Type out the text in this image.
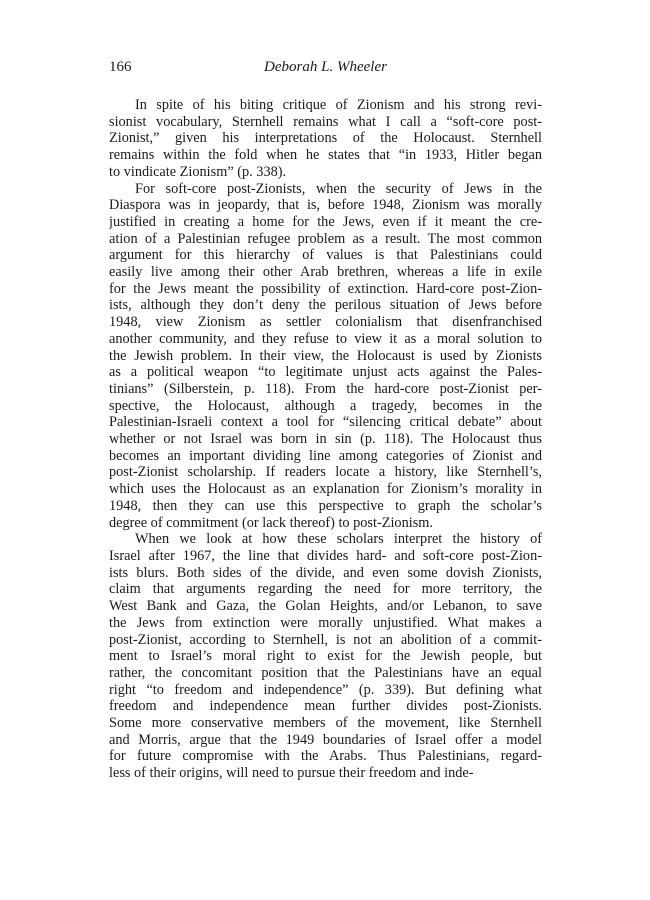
166	Deborah L. Wheeler
In spite of his biting critique of Zionism and his strong revi-
sionist vocabulary, Sternhell remains what I call a “soft-core post-
Zionist,” given his interpretations of the Holocaust. Sternhell
remains within the fold when he states that “in 1933, Hitler began
to vindicate Zionism” (p. 338).
For soft-core post-Zionists, when the security of Jews in the
Diaspora was in jeopardy, that is, before 1948, Zionism was morally
justified in creating a home for the Jews, even if it meant the cre-
ation of a Palestinian refugee problem as a result. The most common
argument for this hierarchy of values is that Palestinians could
easily live among their other Arab brethren, whereas a life in exile
for the Jews meant the possibility of extinction. Hard-core post-Zion-
ists, although they don’t deny the perilous situation of Jews before
1948, view Zionism as settler colonialism that disenfranchised
another community, and they refuse to view it as a moral solution to
the Jewish problem. In their view, the Holocaust is used by Zionists
as a political weapon “to legitimate unjust acts against the Pales-
tinians” (Silberstein, p. 118). From the hard-core post-Zionist per-
spective, the Holocaust, although a tragedy, becomes in the
Palestinian-Israeli context a tool for “silencing critical debate” about
whether or not Israel was born in sin (p. 118). The Holocaust thus
becomes an important dividing line among categories of Zionist and
post-Zionist scholarship. If readers locate a history, like Sternhell’s,
which uses the Holocaust as an explanation for Zionism’s morality in
1948, then they can use this perspective to graph the scholar’s
degree of commitment (or lack thereof) to post-Zionism.
When we look at how these scholars interpret the history of
Israel after 1967, the line that divides hard- and soft-core post-Zion-
ists blurs. Both sides of the divide, and even some dovish Zionists,
claim that arguments regarding the need for more territory, the
West Bank and Gaza, the Golan Heights, and/or Lebanon, to save
the Jews from extinction were morally unjustified. What makes a
post-Zionist, according to Sternhell, is not an abolition of a commit-
ment to Israel’s moral right to exist for the Jewish people, but
rather, the concomitant position that the Palestinians have an equal
right “to freedom and independence” (p. 339). But defining what
freedom and independence mean further divides post-Zionists.
Some more conservative members of the movement, like Sternhell
and Morris, argue that the 1949 boundaries of Israel offer a model
for future compromise with the Arabs. Thus Palestinians, regard-
less of their origins, will need to pursue their freedom and inde-
